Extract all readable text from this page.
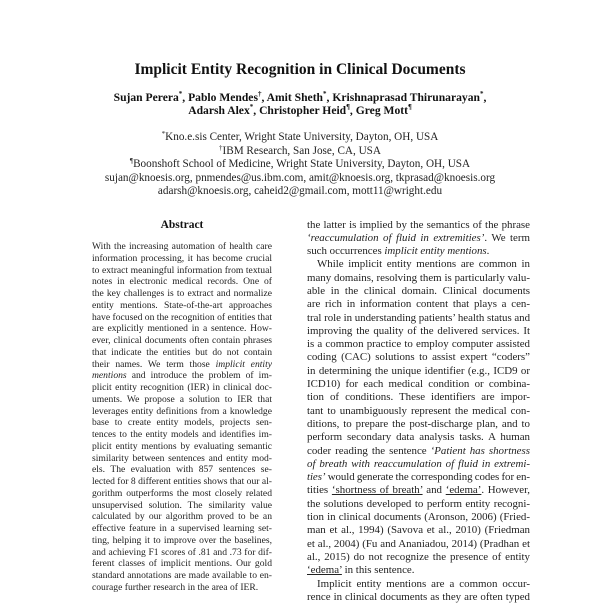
Implicit Entity Recognition in Clinical Documents
Sujan Perera*, Pablo Mendes†, Amit Sheth*, Krishnaprasad Thirunarayan*,
Adarsh Alex*, Christopher Heid¶, Greg Mott¶
*Kno.e.sis Center, Wright State University, Dayton, OH, USA
†IBM Research, San Jose, CA, USA
¶Boonshoft School of Medicine, Wright State University, Dayton, OH, USA
sujan@knoesis.org, pnmendes@us.ibm.com, amit@knoesis.org, tkprasad@knoesis.org
adarsh@knoesis.org, caheid2@gmail.com, mott11@wright.edu
Abstract
With the increasing automation of health care
information processing, it has become crucial
to extract meaningful information from textual
notes in electronic medical records. One of
the key challenges is to extract and normalize
entity mentions. State-of-the-art approaches
have focused on the recognition of entities that
are explicitly mentioned in a sentence. How-
ever, clinical documents often contain phrases
that indicate the entities but do not contain
their names. We term those implicit entity
mentions and introduce the problem of im-
plicit entity recognition (IER) in clinical doc-
uments. We propose a solution to IER that
leverages entity definitions from a knowledge
base to create entity models, projects sen-
tences to the entity models and identifies im-
plicit entity mentions by evaluating semantic
similarity between sentences and entity mod-
els. The evaluation with 857 sentences se-
lected for 8 different entities shows that our al-
gorithm outperforms the most closely related
unsupervised solution. The similarity value
calculated by our algorithm proved to be an
effective feature in a supervised learning set-
ting, helping it to improve over the baselines,
and achieving F1 scores of .81 and .73 for dif-
ferent classes of implicit mentions. Our gold
standard annotations are made available to en-
courage further research in the area of IER.
the latter is implied by the semantics of the phrase
‘reaccumulation of fluid in extremities’. We term
such occurrences implicit entity mentions.
While implicit entity mentions are common in
many domains, resolving them is particularly valu-
able in the clinical domain. Clinical documents
are rich in information content that plays a cen-
tral role in understanding patients’ health status and
improving the quality of the delivered services. It
is a common practice to employ computer assisted
coding (CAC) solutions to assist expert “coders”
in determining the unique identifier (e.g., ICD9 or
ICD10) for each medical condition or combina-
tion of conditions. These identifiers are impor-
tant to unambiguously represent the medical con-
ditions, to prepare the post-discharge plan, and to
perform secondary data analysis tasks. A human
coder reading the sentence ‘Patient has shortness
of breath with reaccumulation of fluid in extremi-
ties’ would generate the corresponding codes for en-
tities ‘shortness of breath’ and ‘edema’. However,
the solutions developed to perform entity recogni-
tion in clinical documents (Aronson, 2006) (Fried-
man et al., 1994) (Savova et al., 2010) (Friedman
et al., 2004) (Fu and Ananiadou, 2014) (Pradhan et
al., 2015) do not recognize the presence of entity
‘edema’ in this sentence.
Implicit entity mentions are a common occur-
rence in clinical documents as they are often typed
